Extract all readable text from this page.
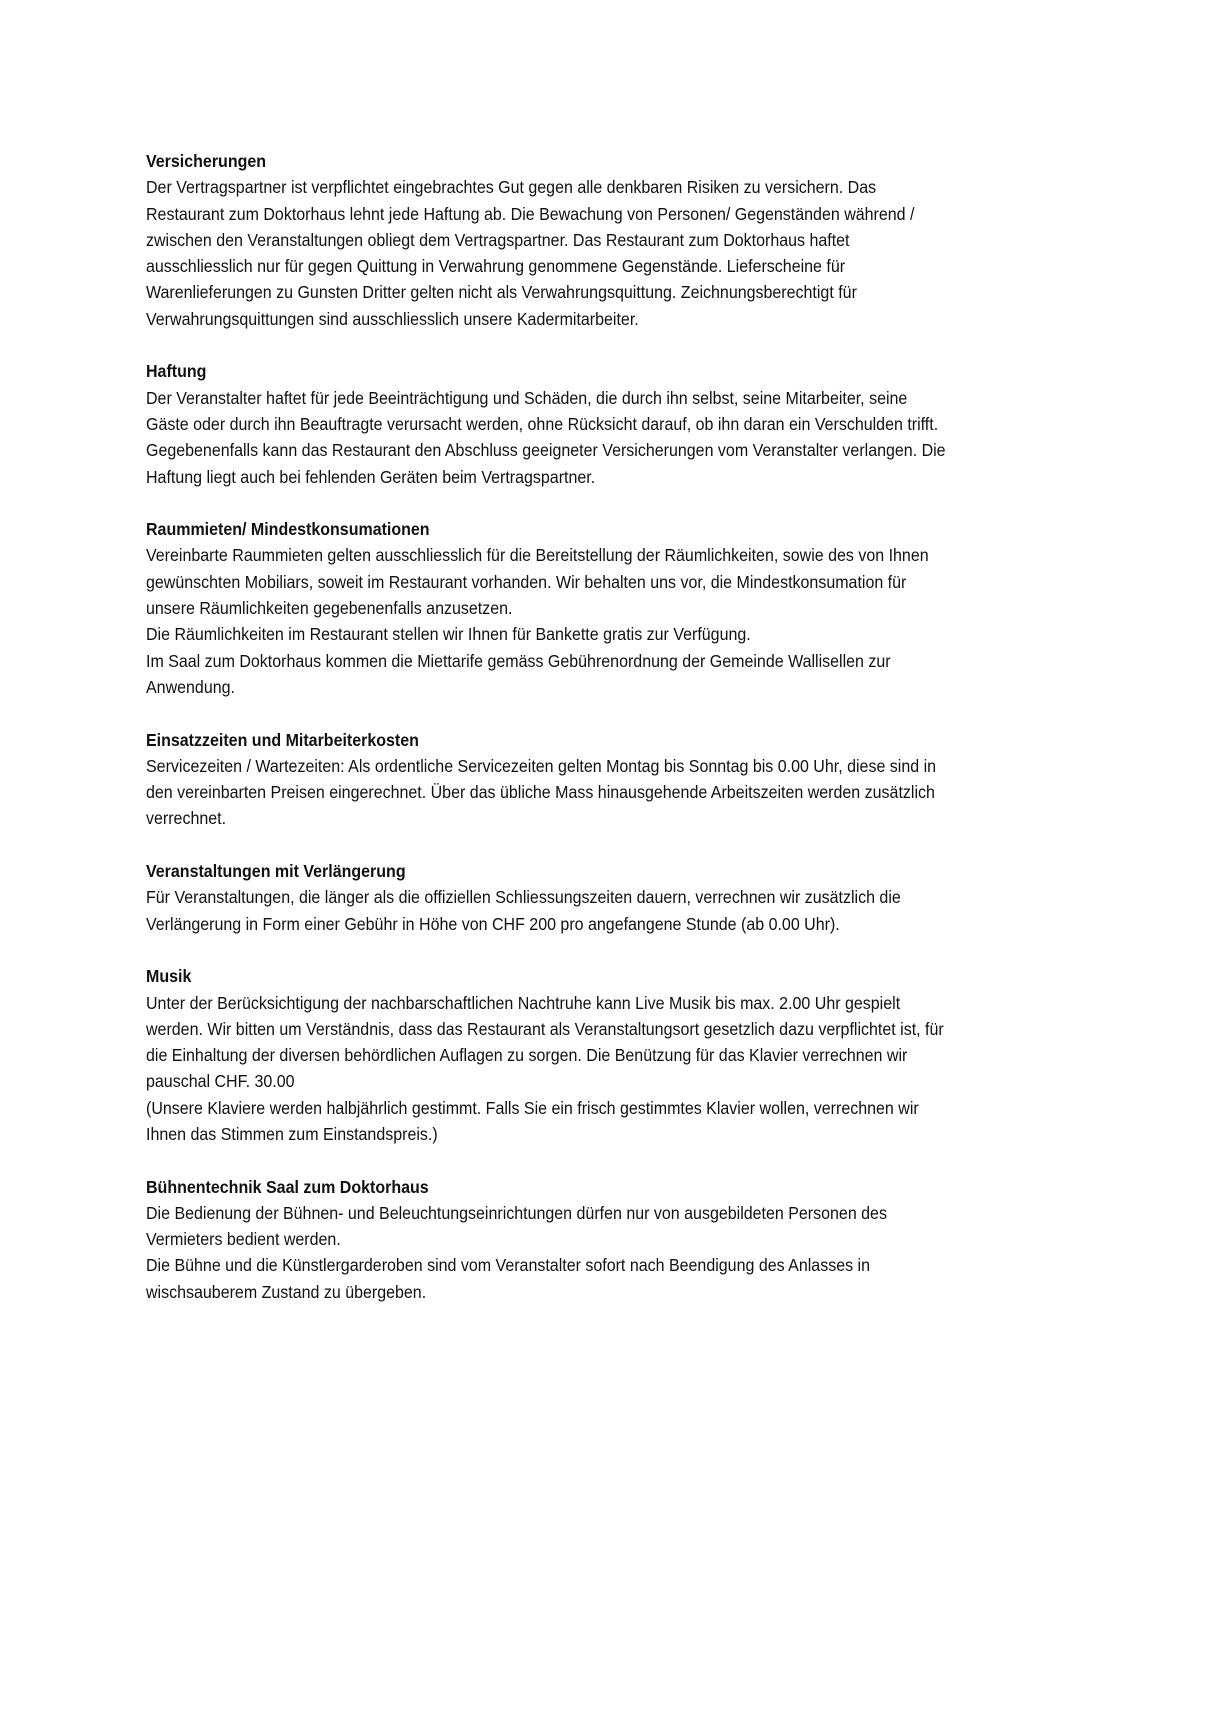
Versicherungen
Der Vertragspartner ist verpflichtet eingebrachtes Gut gegen alle denkbaren Risiken zu versichern. Das
Restaurant zum Doktorhaus lehnt jede Haftung ab. Die Bewachung von Personen/ Gegenständen während /
zwischen den Veranstaltungen obliegt dem Vertragspartner. Das Restaurant zum Doktorhaus haftet
ausschliesslich nur für gegen Quittung in Verwahrung genommene Gegenstände. Lieferscheine für
Warenlieferungen zu Gunsten Dritter gelten nicht als Verwahrungsquittung. Zeichnungsberechtigt für
Verwahrungsquittungen sind ausschliesslich unsere Kadermitarbeiter.
Haftung
Der Veranstalter haftet für jede Beeinträchtigung und Schäden, die durch ihn selbst, seine Mitarbeiter, seine
Gäste oder durch ihn Beauftragte verursacht werden, ohne Rücksicht darauf, ob ihn daran ein Verschulden trifft.
Gegebenenfalls kann das Restaurant den Abschluss geeigneter Versicherungen vom Veranstalter verlangen. Die
Haftung liegt auch bei fehlenden Geräten beim Vertragspartner.
Raummieten/ Mindestkonsumationen
Vereinbarte Raummieten gelten ausschliesslich für die Bereitstellung der Räumlichkeiten, sowie des von Ihnen
gewünschten Mobiliars, soweit im Restaurant vorhanden. Wir behalten uns vor, die Mindestkonsumation für
unsere Räumlichkeiten gegebenenfalls anzusetzen.
Die Räumlichkeiten im Restaurant stellen wir Ihnen für Bankette gratis zur Verfügung.
Im Saal zum Doktorhaus kommen die Miettarife gemäss Gebührenordnung der Gemeinde Wallisellen zur
Anwendung.
Einsatzzeiten und Mitarbeiterkosten
Servicezeiten / Wartezeiten: Als ordentliche Servicezeiten gelten Montag bis Sonntag bis 0.00 Uhr, diese sind in
den vereinbarten Preisen eingerechnet. Über das übliche Mass hinausgehende Arbeitszeiten werden zusätzlich
verrechnet.
Veranstaltungen mit Verlängerung
Für Veranstaltungen, die länger als die offiziellen Schliessungszeiten dauern, verrechnen wir zusätzlich die
Verlängerung in Form einer Gebühr in Höhe von CHF 200 pro angefangene Stunde (ab 0.00 Uhr).
Musik
Unter der Berücksichtigung der nachbarschaftlichen Nachtruhe kann Live Musik bis max. 2.00 Uhr gespielt
werden. Wir bitten um Verständnis, dass das Restaurant als Veranstaltungsort gesetzlich dazu verpflichtet ist, für
die Einhaltung der diversen behördlichen Auflagen zu sorgen. Die Benützung für das Klavier verrechnen wir
pauschal CHF. 30.00
(Unsere Klaviere werden halbjährlich gestimmt. Falls Sie ein frisch gestimmtes Klavier wollen, verrechnen wir
Ihnen das Stimmen zum Einstandspreis.)
Bühnentechnik Saal zum Doktorhaus
Die Bedienung der Bühnen- und Beleuchtungseinrichtungen dürfen nur von ausgebildeten Personen des
Vermieters bedient werden.
Die Bühne und die Künstlergarderoben sind vom Veranstalter sofort nach Beendigung des Anlasses in
wischsauberem Zustand zu übergeben.
